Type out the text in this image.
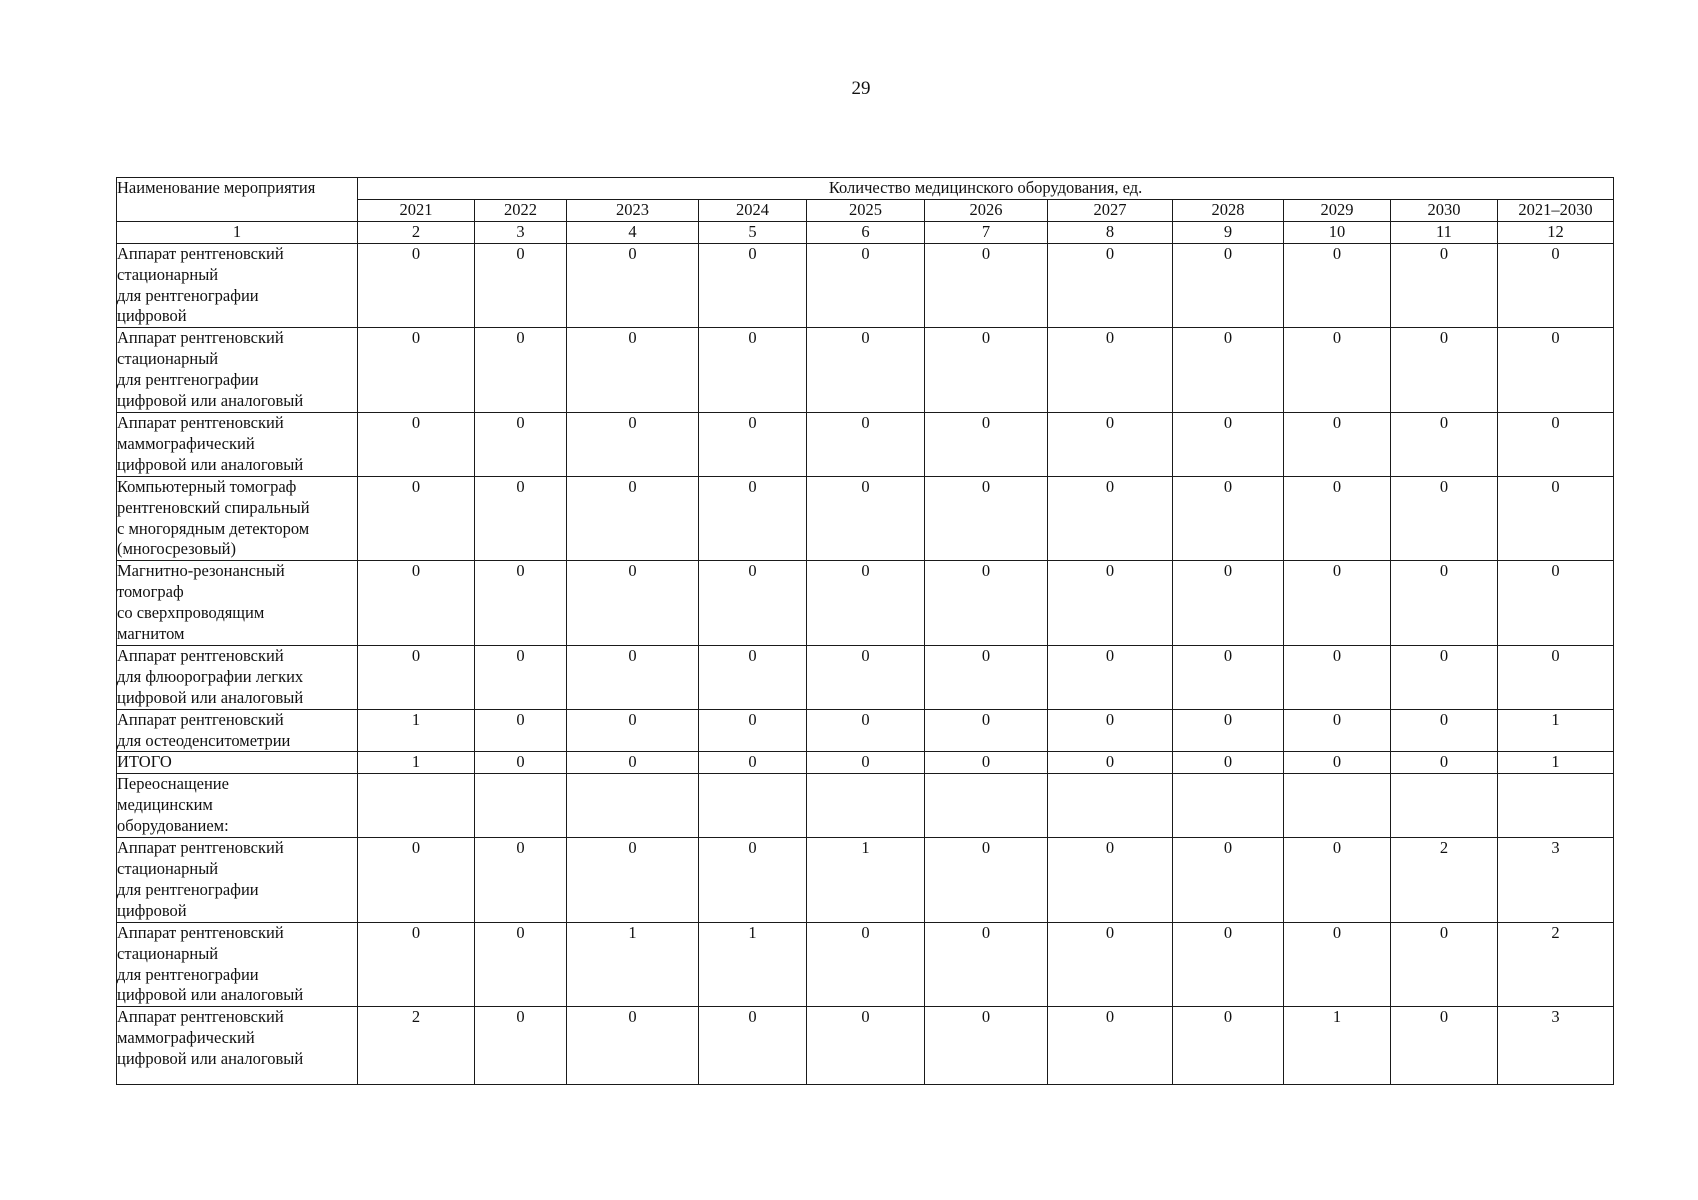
29
Наименование мероприятия	Количество медицинского оборудования, ед.										
	2021	2022	2023	2024	2025	2026	2027	2028	2029	2030	2021–2030
1	2	3	4	5	6	7	8	9	10	11	12

Аппарат рентгеновский
стационарный
для рентгенографии
цифровой	0	0	0	0	0	0	0	0	0	0	0

Аппарат рентгеновский
стационарный
для рентгенографии
цифровой или аналоговый	0	0	0	0	0	0	0	0	0	0	0

Аппарат рентгеновский
маммографический
цифровой или аналоговый	0	0	0	0	0	0	0	0	0	0	0

Компьютерный томограф
рентгеновский спиральный
с многорядным детектором
(многосрезовый)	0	0	0	0	0	0	0	0	0	0	0

Магнитно-резонансный
томограф
со сверхпроводящим
магнитом	0	0	0	0	0	0	0	0	0	0	0

Аппарат рентгеновский
для флюорографии легких
цифровой или аналоговый	0	0	0	0	0	0	0	0	0	0	0

Аппарат рентгеновский
для остеоденситометрии	1	0	0	0	0	0	0	0	0	0	1

ИТОГО	1	0	0	0	0	0	0	0	0	0	1

Переоснащение
медицинским
оборудованием:											

Аппарат рентгеновский
стационарный
для рентгенографии
цифровой	0	0	0	0	1	0	0	0	0	2	3

Аппарат рентгеновский
стационарный
для рентгенографии
цифровой или аналоговый	0	0	1	1	0	0	0	0	0	0	2

Аппарат рентгеновский
маммографический
цифровой или аналоговый	2	0	0	0	0	0	0	0	1	0	3
